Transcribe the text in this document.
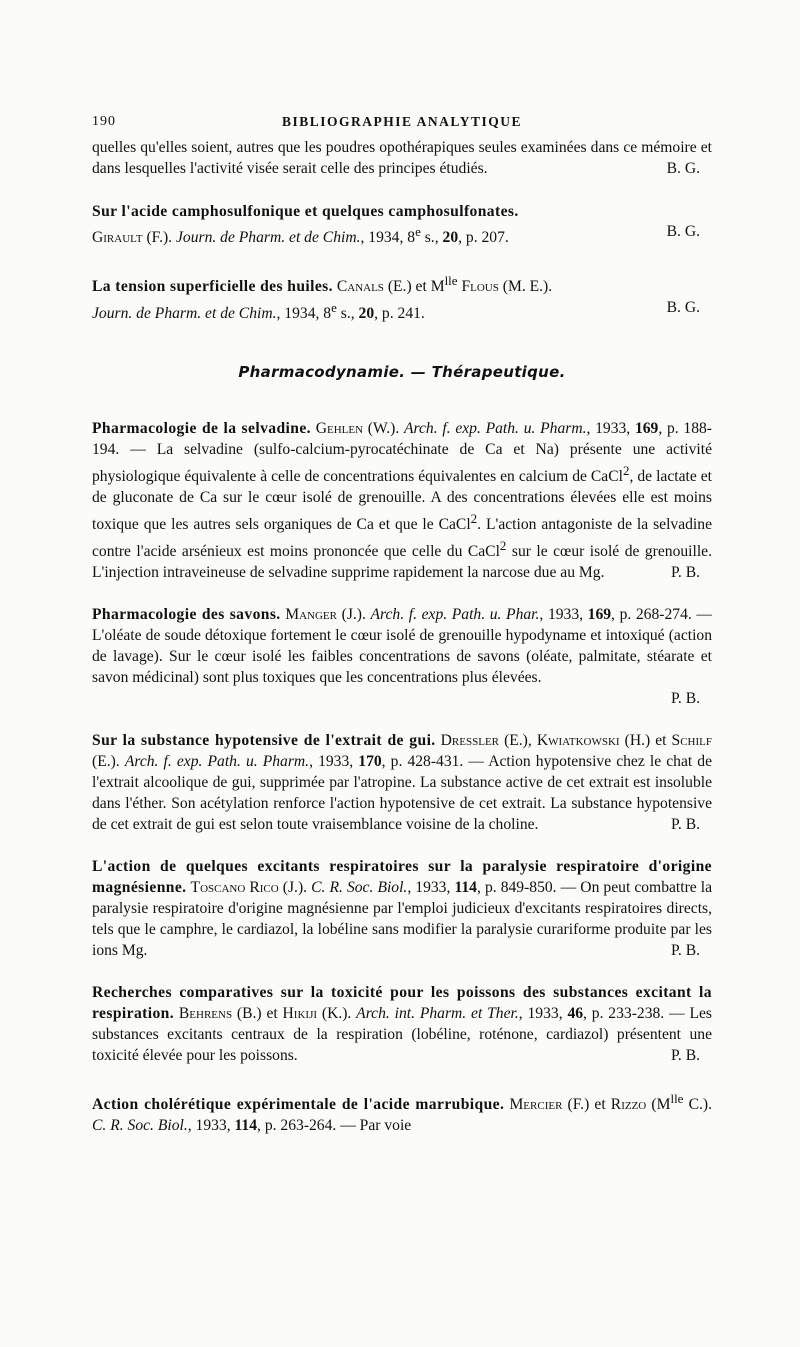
190	BIBLIOGRAPHIE ANALYTIQUE

quelles qu'elles soient, autres que les poudres opothérapiques seules examinées dans ce mémoire et dans lesquelles l'activité visée serait celle des principes étudiés.	B. G.

Sur l'acide camphosulfonique et quelques camphosulfonates.
Girault (F.). Journ. de Pharm. et de Chim., 1934, 8e s., 20, p. 207.	B. G.

La tension superficielle des huiles. Canals (E.) et $M^{lle}$ Flous (M. E.).
Journ. de Pharm. et de Chim., 1934, 8e s., 20, p. 241.	B. G.

Pharmacodynamie. — Thérapeutique.

Pharmacologie de la selvadine. Gehlen (W.). Arch. f. exp. Path. u. Pharm., 1933, 169, p. 188-194. — La selvadine (sulfo-calcium-pyrocatéchinate de Ca et Na) présente une activité physiologique équivalente à celle de concentrations équivalentes en calcium de CaCl$^2$, de lactate et de gluconate de Ca sur le cœur isolé de grenouille. A des concentrations élevées elle est moins toxique que les autres sels organiques de Ca et que le CaCl$^2$. L'action antagoniste de la selvadine contre l'acide arsénieux est moins prononcée que celle du CaCl$^2$ sur le cœur isolé de grenouille. L'injection intraveineuse de selvadine supprime rapidement la narcose due au Mg.	P. B.

Pharmacologie des savons. Manger (J.). Arch. f. exp. Path. u. Phar., 1933, 169, p. 268-274. — L'oléate de soude détoxique fortement le cœur isolé de grenouille hypodyname et intoxiqué (action de lavage). Sur le cœur isolé les faibles concentrations de savons (oléate, palmitate, stéarate et savon médicinal) sont plus toxiques que les concentrations plus élevées.
P. B.

Sur la substance hypotensive de l'extrait de gui. Dressler (E.), Kwiatkowski (H.) et Schilf (E.). Arch. f. exp. Path. u. Pharm., 1933, 170, p. 428-431. — Action hypotensive chez le chat de l'extrait alcoolique de gui, supprimée par l'atropine. La substance active de cet extrait est insoluble dans l'éther. Son acétylation renforce l'action hypotensive de cet extrait. La substance hypotensive de cet extrait de gui est selon toute vraisemblance voisine de la choline.	P. B.

L'action de quelques excitants respiratoires sur la paralysie respiratoire d'origine magnésienne. Toscano Rico (J.). C. R. Soc. Biol., 1933, 114, p. 849-850. — On peut combattre la paralysie respiratoire d'origine magnésienne par l'emploi judicieux d'excitants respiratoires directs, tels que le camphre, le cardiazol, la lobéline sans modifier la paralysie curariforme produite par les ions Mg.	P. B.

Recherches comparatives sur la toxicité pour les poissons des substances excitant la respiration. Behrens (B.) et Hikiji (K.). Arch. int. Pharm. et Ther., 1933, 46, p. 233-238. — Les substances excitants centraux de la respiration (lobéline, roténone, cardiazol) présentent une toxicité élevée pour les poissons.	P. B.

Action cholérétique expérimentale de l'acide marrubique. Mercier (F.) et Rizzo ($M^{lle}$ C.). C. R. Soc. Biol., 1933, 114, p. 263-264. — Par voie
